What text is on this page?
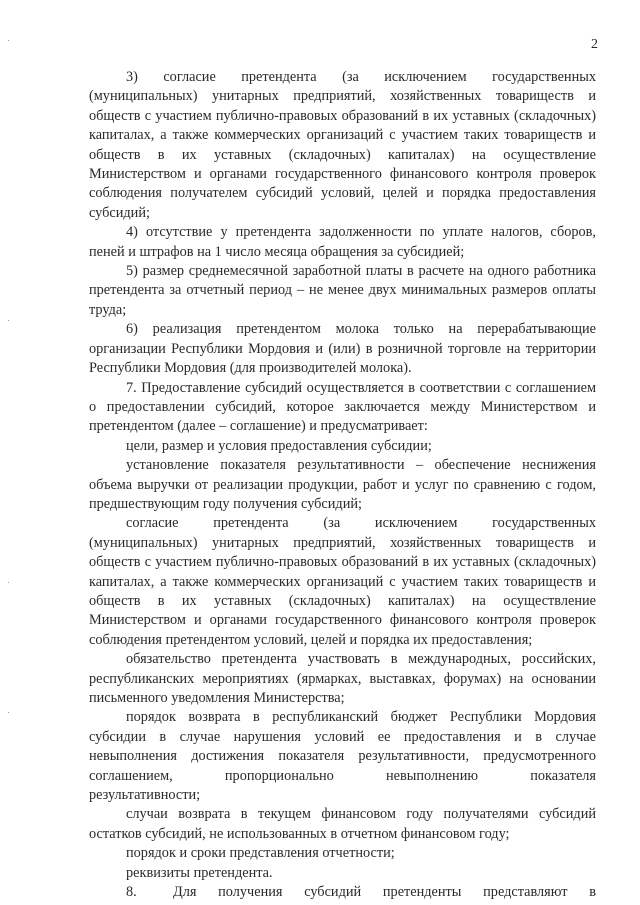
2

3)  согласие  претендента  (за  исключением  государственных (муниципальных) унитарных предприятий, хозяйственных товариществ и обществ с участием публично-правовых образований в их уставных (складочных) капиталах, а также коммерческих организаций с участием таких товариществ и обществ в их уставных (складочных) капиталах) на осуществление Министерством и органами государственного финансового контроля проверок соблюдения получателем субсидий условий, целей и порядка предоставления субсидий;

4) отсутствие у претендента задолженности по уплате налогов, сборов, пеней и штрафов на 1 число месяца обращения за субсидией;

5) размер среднемесячной заработной платы в расчете на одного работника претендента за отчетный период – не менее двух минимальных размеров оплаты труда;

6) реализация претендентом молока только на перерабатывающие организации Республики Мордовия и (или) в розничной торговле на территории Республики Мордовия (для производителей молока).

7. Предоставление субсидий осуществляется в соответствии с соглашением о предоставлении субсидий, которое заключается между Министерством и претендентом (далее – соглашение) и предусматривает:

цели, размер и условия предоставления субсидии;

установление показателя результативности – обеспечение неснижения объема выручки от реализации продукции, работ и услуг по сравнению с годом, предшествующим году получения субсидий;

согласие   претендента   (за   исключением   государственных (муниципальных) унитарных предприятий, хозяйственных товариществ и обществ с участием публично-правовых образований в их уставных (складочных) капиталах, а также коммерческих организаций с участием таких товариществ и обществ в их уставных (складочных) капиталах) на осуществление Министерством и органами государственного финансового контроля проверок соблюдения претендентом условий, целей и порядка их предоставления;

обязательство претендента участвовать в международных, российских, республиканских мероприятиях (ярмарках, выставках, форумах) на основании письменного уведомления Министерства;

порядок возврата в республиканский бюджет Республики Мордовия субсидии в случае нарушения условий ее предоставления и в случае невыполнения достижения показателя результативности, предусмотренного соглашением,     пропорционально     невыполнению     показателя результативности;

случаи возврата в текущем финансовом году получателями субсидий остатков субсидий, не использованных в отчетном финансовом году;

порядок и сроки представления отчетности;

реквизиты претендента.

8.     Для   получения   субсидий   претенденты   представляют   в
